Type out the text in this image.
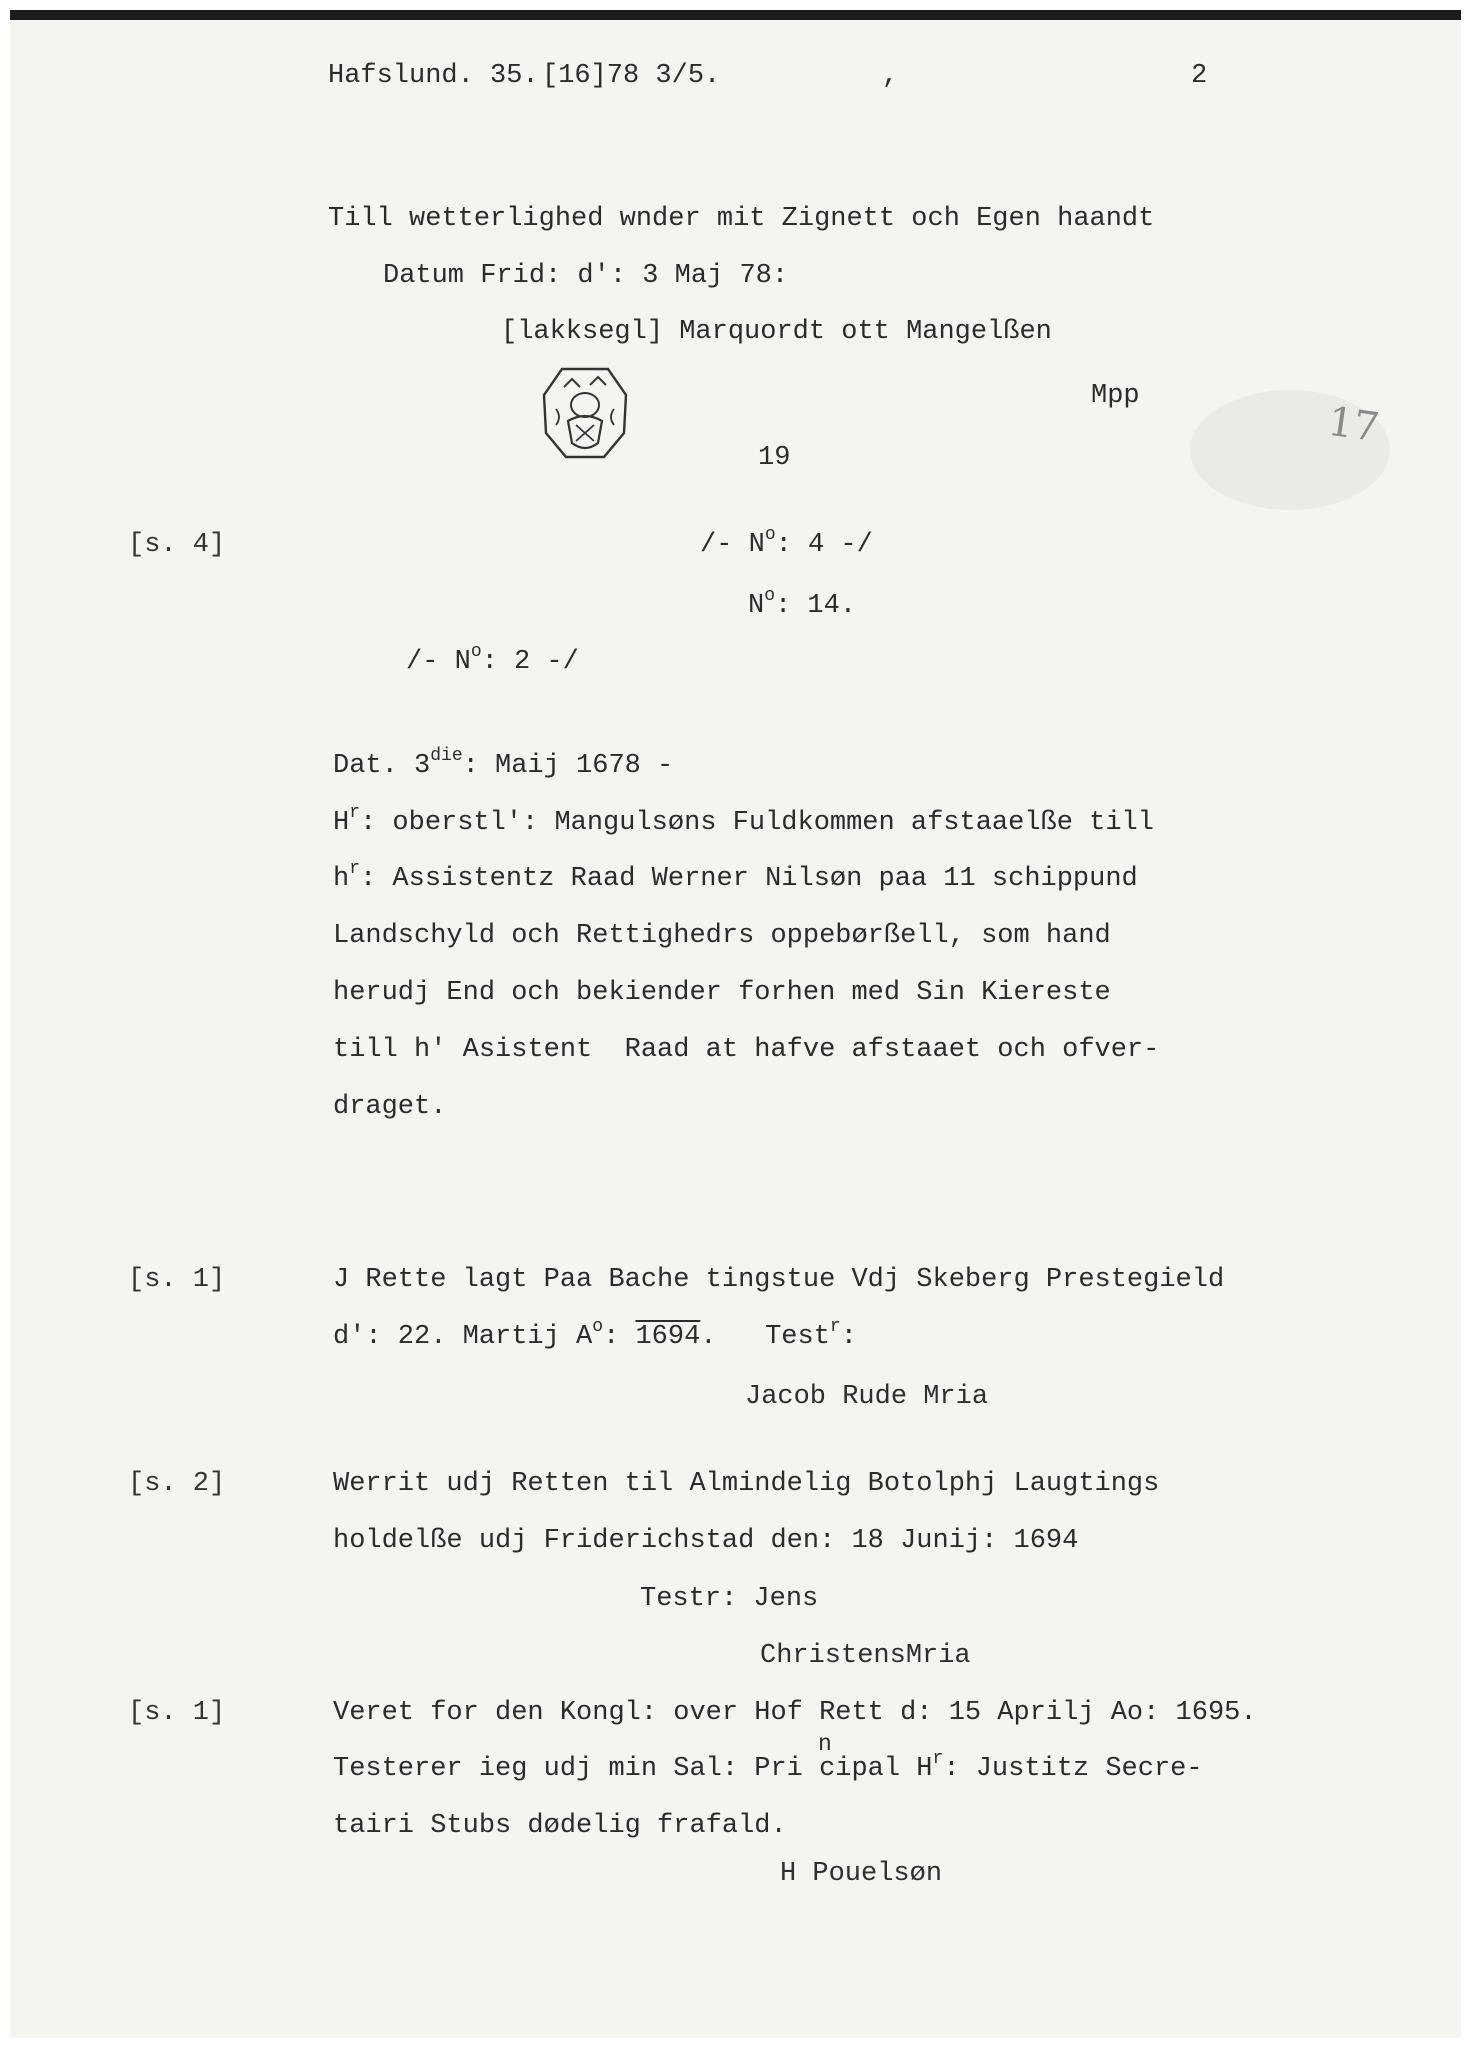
17
Hafslund. 35. [16]78 3/5.	,	2
Till wetterlighed wnder mit Zignett och Egen haandt
Datum Frid: d': 3 Maj 78:
[lakksegl] Marquordt ott Mangelßen
Mpp
19
[s. 4]	/- $N^o$: 4 -/
$N^o$: 14.
/- $N^o$: 2 -/
Dat. $3^{die}$: Maij 1678 -
$H^r$: oberstl': Mangulsøns Fuldkommen afstaaelße till
$h^r$: Assistentz Raad Werner Nilsøn paa 11 schippund
Landschyld och Rettighedrs oppebørßell, som hand
herudj End och bekiender forhen med Sin Kiereste
till h' Asistent  Raad at hafve afstaaet och ofver-
draget.
[s. 1]	J Rette lagt Paa Bache tingstue Vdj Skeberg Prestegield
d': 22. Martij $A^o$: 1694.   Test$^r$:
Jacob Rude Mria
[s. 2]	Werrit udj Retten til Almindelig Botolphj Laugtings
holdelße udj Friderichstad den: 18 Junij: 1694
Testr: Jens
ChristensMria
[s. 1]	Veret for den Kongl: over Hof Rett d: 15 Aprilj Ao: 1695.
n
Testerer ieg udj min Sal: Pri cipal $H^r$: Justitz Secre-
tairi Stubs dødelig frafald.
H Pouelsøn
